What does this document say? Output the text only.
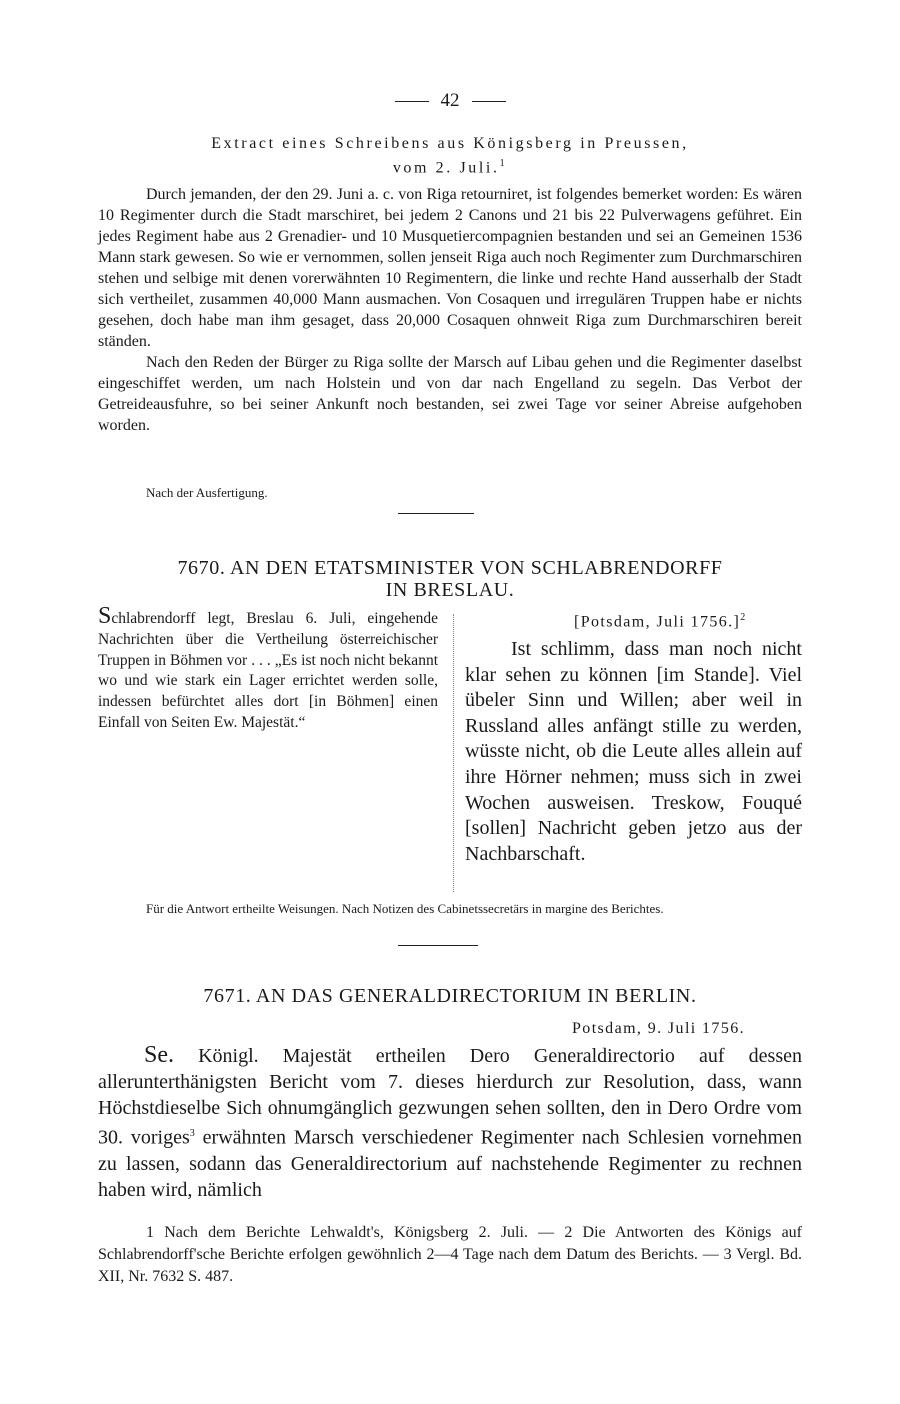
42
Extract eines Schreibens aus Königsberg in Preussen,
vom 2. Juli.$^1$

Durch jemanden, der den 29. Juni a. c. von Riga retourniret, ist folgendes bemerket worden: Es wären 10 Regimenter durch die Stadt marschiret, bei jedem 2 Canons und 21 bis 22 Pulverwagens geführet. Ein jedes Regiment habe aus 2 Grenadier- und 10 Musquetiercompagnien bestanden und sei an Gemeinen 1536 Mann stark gewesen. So wie er vernommen, sollen jenseit Riga auch noch Regimenter zum Durchmarschiren stehen und selbige mit denen vorerwähnten 10 Regimentern, die linke und rechte Hand ausserhalb der Stadt sich vertheilet, zusammen 40,000 Mann ausmachen. Von Cosaquen und irregulären Truppen habe er nichts gesehen, doch habe man ihm gesaget, dass 20,000 Cosaquen ohnweit Riga zum Durchmarschiren bereit ständen.

Nach den Reden der Bürger zu Riga sollte der Marsch auf Libau gehen und die Regimenter daselbst eingeschiffet werden, um nach Holstein und von dar nach Engelland zu segeln. Das Verbot der Getreideausfuhre, so bei seiner Ankunft noch bestanden, sei zwei Tage vor seiner Abreise aufgehoben worden.

Nach der Ausfertigung.
7670. AN DEN ETATSMINISTER VON SCHLABRENDORFF
IN BRESLAU.
Schlabrendorff legt, Breslau 6. Juli, eingehende Nachrichten über die Vertheilung österreichischer Truppen in Böhmen vor . . . „Es ist noch nicht bekannt wo und wie stark ein Lager errichtet werden solle, indessen befürchtet alles dort [in Böhmen] einen Einfall von Seiten Ew. Majestät.“
[Potsdam, Juli 1756.]$^2$

Ist schlimm, dass man noch nicht klar sehen zu können [im Stande]. Viel übeler Sinn und Willen; aber weil in Russland alles anfängt stille zu werden, wüsste nicht, ob die Leute alles allein auf ihre Hörner nehmen; muss sich in zwei Wochen ausweisen. Treskow, Fouqué [sollen] Nachricht geben jetzo aus der Nachbarschaft.

Für die Antwort ertheilte Weisungen. Nach Notizen des Cabinetssecretärs in margine des Berichtes.
7671. AN DAS GENERALDIRECTORIUM IN BERLIN.
Potsdam, 9. Juli 1756.

Se. Königl. Majestät ertheilen Dero Generaldirectorio auf dessen allerunterthänigsten Bericht vom 7. dieses hierdurch zur Resolution, dass, wann Höchstdieselbe Sich ohnumgänglich gezwungen sehen sollten, den in Dero Ordre vom 30. voriges$^3$ erwähnten Marsch verschiedener Regimenter nach Schlesien vornehmen zu lassen, sodann das Generaldirectorium auf nachstehende Regimenter zu rechnen haben wird, nämlich

1 Nach dem Berichte Lehwaldt's, Königsberg 2. Juli. — 2 Die Antworten des Königs auf Schlabrendorff'sche Berichte erfolgen gewöhnlich 2—4 Tage nach dem Datum des Berichts. — 3 Vergl. Bd. XII, Nr. 7632 S. 487.
